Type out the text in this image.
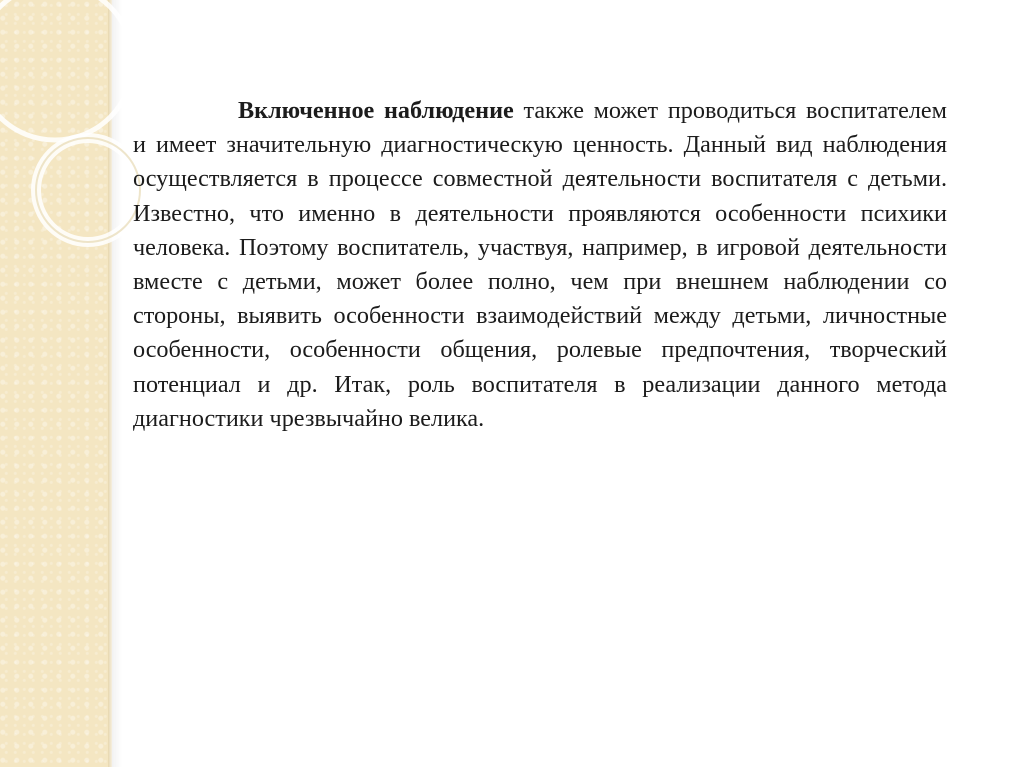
Включенное наблюдение также может проводиться воспитателем и имеет значительную диагностическую ценность. Данный вид наблюдения осуществляется в процессе совместной деятельности воспитателя с детьми. Известно, что именно в деятельности проявляются особенности психики человека. Поэтому воспитатель, участвуя, например, в игровой деятельности вместе с детьми, может более полно, чем при внешнем наблюдении со стороны, выявить особенности взаимодействий между детьми, личностные особенности, особенности общения, ролевые предпочтения, творческий потенциал и др. Итак, роль воспитателя в реализации данного метода диагностики чрезвычайно велика.
